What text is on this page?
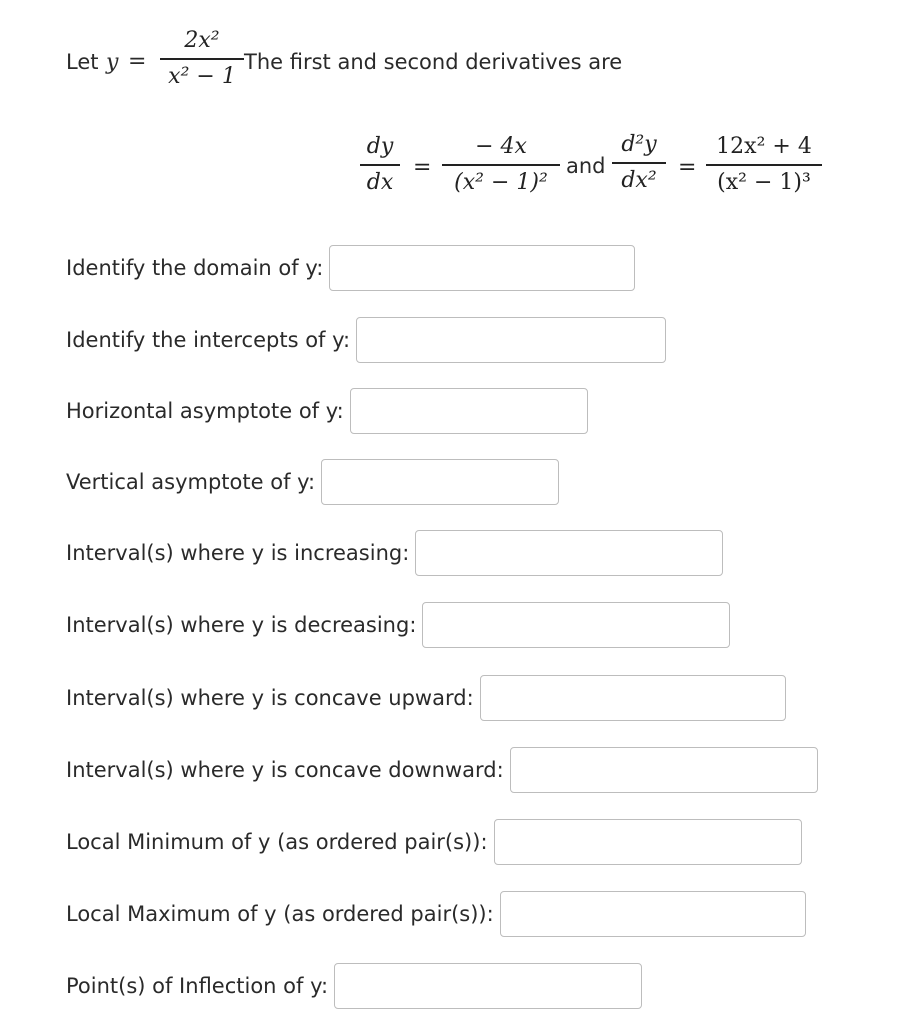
Let y =
2x²
x² − 1
The first and second derivatives are
dy
dx
=
− 4x
(x² − 1)²
and
d²y
dx² =
12x² + 4
(x² − 1)³
Identify the domain of y:
Identify the intercepts of y:
Horizontal asymptote of y:
Vertical asymptote of y:
Interval(s) where y is increasing:
Interval(s) where y is decreasing:
Interval(s) where y is concave upward:
Interval(s) where y is concave downward:
Local Minimum of y (as ordered pair(s)):
Local Maximum of y (as ordered pair(s)):
Point(s) of Inflection of y:
